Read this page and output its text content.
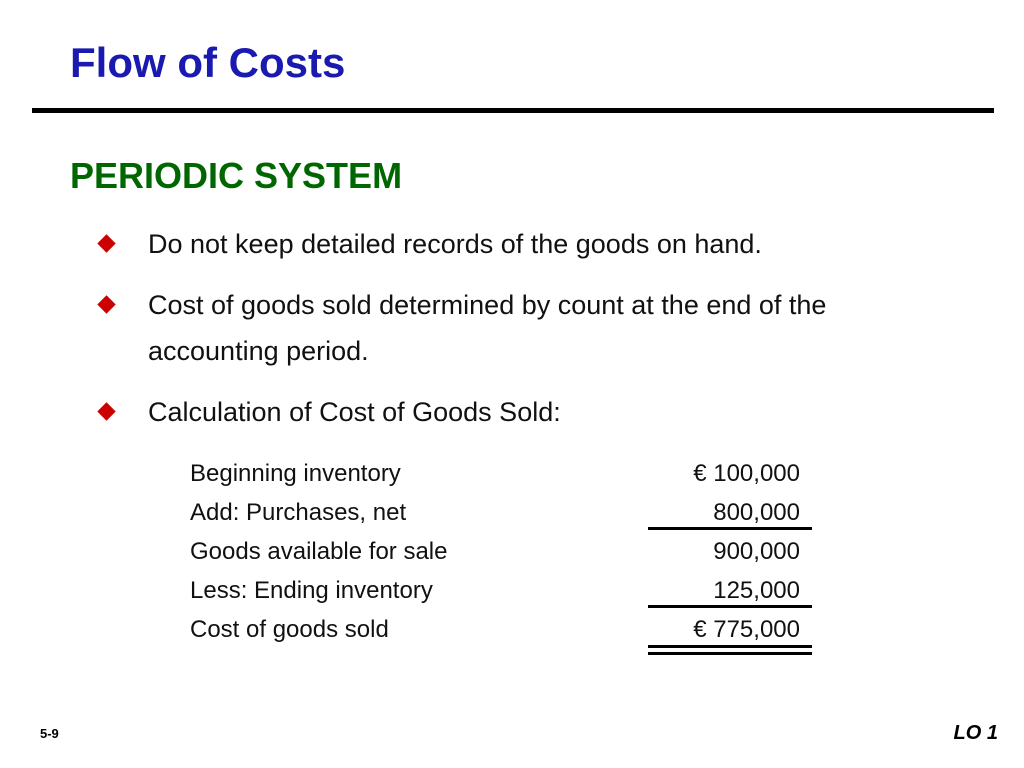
Flow of Costs
PERIODIC SYSTEM
Do not keep detailed records of the goods on hand.
Cost of goods sold determined by count at the end of the accounting period.
Calculation of Cost of Goods Sold:
Beginning inventory	€ 100,000
Add: Purchases, net	800,000
Goods available for sale	900,000
Less: Ending inventory	125,000
Cost of goods sold	€ 775,000
5-9	LO 1
